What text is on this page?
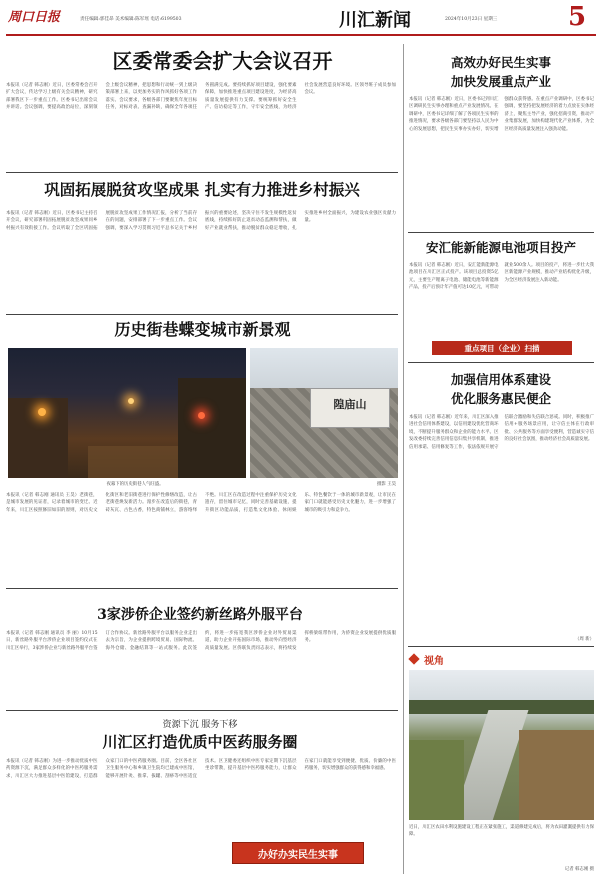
周口日报	责任编辑:郭佳昂 美术编辑:陈军瑶 电话:6199503	川汇新闻	2024年10月23日 星期三	5
区委常委会扩大会议召开
本报讯（记者 韩志刚）近日，区委常委会召开扩大会议，传达学习上级有关会议精神，研究部署我区下一步重点工作。区委书记出席会议并讲话。会议强调，要提高政治站位，深刻领会上级会议精神，把思想和行动统一到上级决策部署上来，以更加务实的作风抓好各项工作落实。会议要求，各级各部门要聚焦年度目标任务，对标对表、查漏补缺，确保全年各项任务圆满完成。要持续抓好项目建设，强化要素保障，加快推进重点项目建设进度，为经济高质量发展提供有力支撑。要统筹抓好安全生产、信访稳定等工作，守牢安全底线，为经济社会发展营造良好环境。区领导班子成员参加会议。
巩固拓展脱贫攻坚成果 扎实有力推进乡村振兴
本报讯（记者 韩志刚）近日，区委书记主持召开会议，研究部署巩固拓展脱贫攻坚成果同乡村振兴有效衔接工作。会议听取了全区巩固拓展脱贫攻坚成果工作情况汇报，分析了当前存在的问题，安排部署了下一步重点工作。会议强调，要深入学习贯彻习近平总书记关于乡村振兴的重要论述，坚决守住不发生规模性返贫底线，持续抓好防止返贫动态监测和帮扶，做好产业就业帮扶，推动脱贫群众稳定增收，扎实推进乡村全面振兴，为建设农业强区贡献力量。
历史街巷蝶变城市新景观
夜幕下的历史街巷人气旺盛。
隍庙山
摄影 王昊
本报讯（记者 韩志刚 通讯员 王昊）老街巷，是城市发展的见证者，记录着城市的变迁。近年来，川汇区按照修旧如旧的原则，对历史文化街区和老旧街巷进行保护性修缮改造，让古老街巷焕发新活力。漫步在改造后的街巷，青砖灰瓦、古色古香，特色商铺林立，游客络绎不绝。川汇区在改造过程中注重保护历史文化遗存，留住城市记忆，同时完善基础设施，提升街区功能品质，打造集文化体验、休闲娱乐、特色餐饮于一体的城市新景观，让市民在家门口就能感受历史文化魅力，进一步增强了城市的吸引力和竞争力。
3家涉侨企业签约新丝路外服平台
本报讯（记者 韩志刚 通讯员 李 丽）10月15日，新丝路外服平台涉侨企业项目签约仪式在川汇区举行，3家涉侨企业与新丝路外服平台签订合作协议。新丝路外服平台以服务企业走出去为宗旨，为企业提供跨境贸易、国际物流、海外仓储、金融结算等一站式服务。此次签约，将进一步拓宽我区涉侨企业对外贸易渠道，助力企业开拓国际市场，推动外向型经济高质量发展。区侨联负责同志表示，将持续发挥桥梁纽带作用，为侨资企业发展提供优质服务。
资源下沉 服务下移
川汇区打造优质中医药服务圈
本报讯（记者 韩志刚）为进一步推动优质中医药资源下沉，满足群众多样化的中医药服务需求，川汇区大力推进基层中医馆建设，打造群众家门口的中医药服务圈。目前，全区各社区卫生服务中心和乡镇卫生院均已建成中医馆，能够开展针灸、推拿、拔罐、刮痧等中医适宜技术。区卫健委还组织中医专家定期下沉基层坐诊带教，提升基层中医药服务能力，让群众在家门口就能享受到便捷、优质、价廉的中医药服务，切实增强群众的获得感和幸福感。
办好办实民生实事
高效办好民生实事
加快发展重点产业
本报讯（记者 韩志刚）近日，区委书记到川汇区调研民生实事办理和重点产业发展情况。在调研中，区委书记详细了解了各项民生实事的推进情况，要求各级各部门要坚持以人民为中心的发展思想，把民生实事办实办好，切实增强群众获得感。在重点产业调研中，区委书记强调，要坚持把发展经济的着力点放在实体经济上，聚焦主导产业，强化招商引资，推动产业集群发展，加快构建现代化产业体系，为全区经济高质量发展注入强劲动能。
安汇能新能源电池项目投产
本报讯（记者 韩志刚）近日，安汇能新能源电池项目在川汇区正式投产。该项目总投资5亿元，主要生产锂离子电池、储能电池等新能源产品，投产后预计年产值可达10亿元，可带动就业500余人。项目的投产，将进一步壮大我区新能源产业规模，推动产业结构优化升级，为全区经济发展注入新动能。
重点项目（企业）扫描
加强信用体系建设
优化服务惠民便企
本报讯（记者 韩志刚）近年来，川汇区深入推进社会信用体系建设，以信用建设优化营商环境，不断提升服务群众和企业的能力水平。区发改委持续完善信用信息归集共享机制，推进信用承诺、信用修复等工作，依法依规开展守信联合激励和失信联合惩戒。同时，积极推广信用+服务场景应用，让守信主体在行政审批、公共服务等方面享受便利，营造诚实守信的良好社会氛围，推动经济社会高质量发展。
（周 新）
视角
近日，川汇区农田水利设施建设工程正在紧张施工，渠道修建完成后，将为农田灌溉提供有力保障。
记者 韩志刚 摄
